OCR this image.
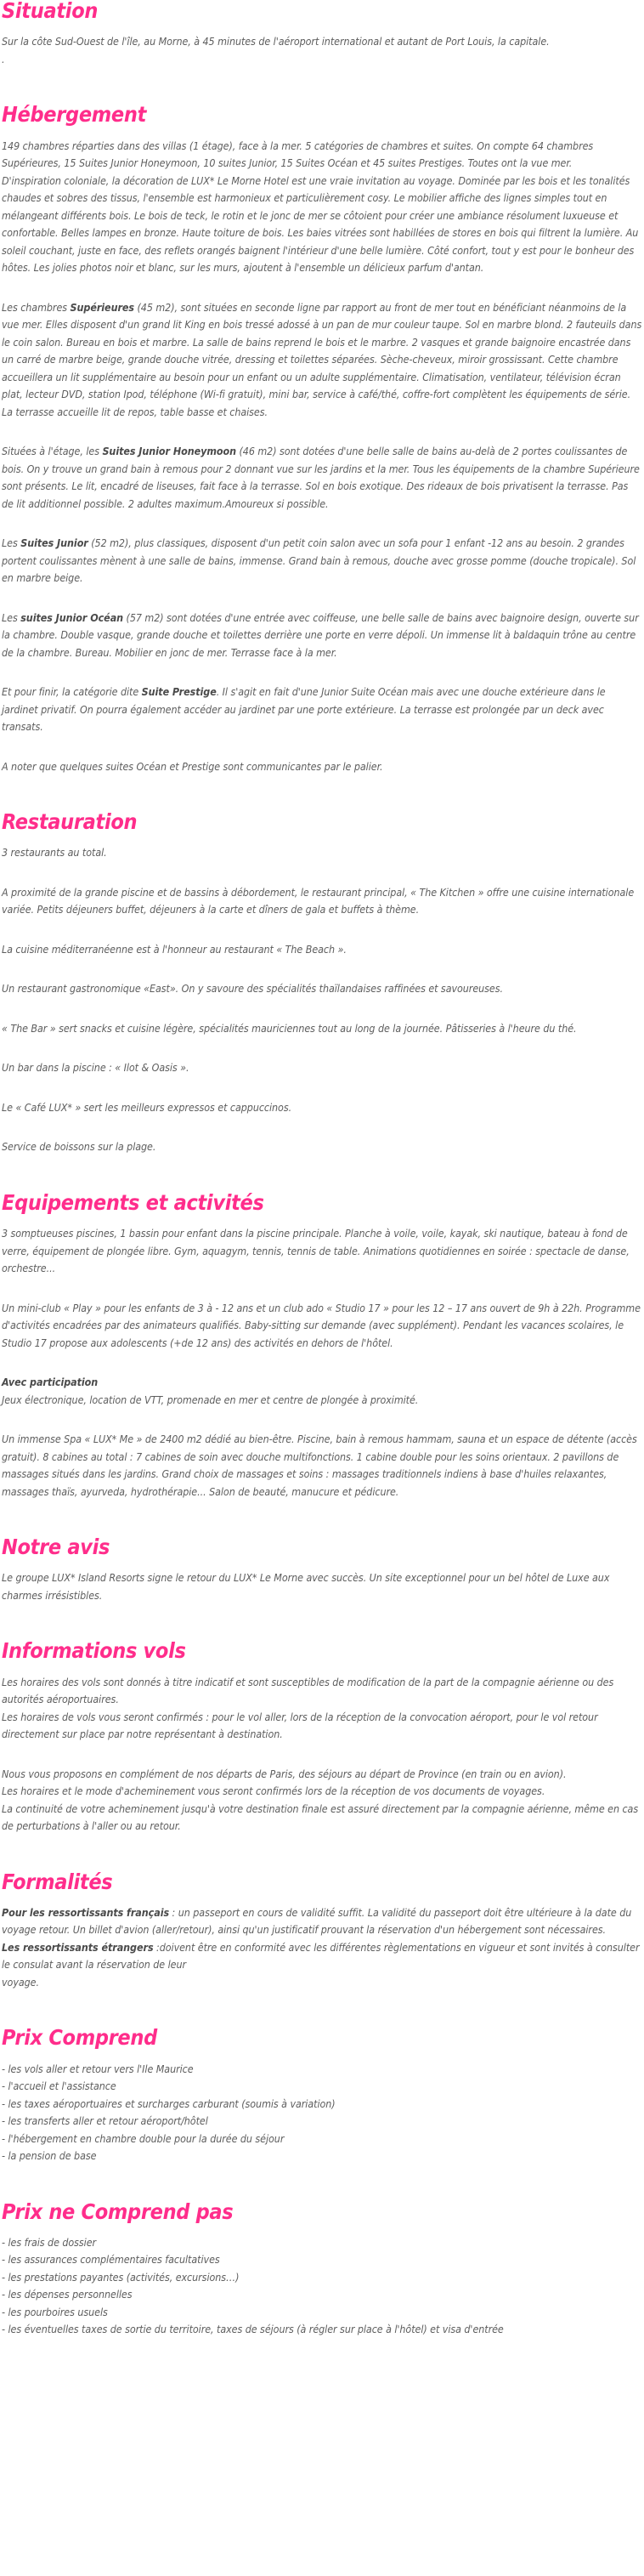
Situation

Sur la côte Sud-Ouest de l'île, au Morne, à 45 minutes de l'aéroport international et autant de Port Louis, la capitale.

.

Hébergement

149 chambres réparties dans des villas (1 étage), face à la mer. 5 catégories de chambres et suites. On compte 64 chambres Supérieures, 15 Suites Junior Honeymoon, 10 suites Junior, 15 Suites Océan et 45 suites Prestiges. Toutes ont la vue mer.

D'inspiration coloniale, la décoration de LUX* Le Morne Hotel est une vraie invitation au voyage. Dominée par les bois et les tonalités chaudes et sobres des tissus, l'ensemble est harmonieux et particulièrement cosy. Le mobilier affiche des lignes simples tout en mélangeant différents bois. Le bois de teck, le rotin et le jonc de mer se côtoient pour créer une ambiance résolument luxueuse et confortable. Belles lampes en bronze. Haute toiture de bois. Les baies vitrées sont habillées de stores en bois qui filtrent la lumière. Au soleil couchant, juste en face, des reflets orangés baignent l'intérieur d'une belle lumière. Côté confort, tout y est pour le bonheur des hôtes. Les jolies photos noir et blanc, sur les murs, ajoutent à l'ensemble un délicieux parfum d'antan.

Les chambres Supérieures (45 m2), sont situées en seconde ligne par rapport au front de mer tout en bénéficiant néanmoins de la vue mer. Elles disposent d'un grand lit King en bois tressé adossé à un pan de mur couleur taupe. Sol en marbre blond. 2 fauteuils dans le coin salon. Bureau en bois et marbre. La salle de bains reprend le bois et le marbre. 2 vasques et grande baignoire encastrée dans un carré de marbre beige, grande douche vitrée, dressing et toilettes séparées. Sèche-cheveux, miroir grossissant. Cette chambre accueillera un lit supplémentaire au besoin pour un enfant ou un adulte supplémentaire. Climatisation, ventilateur, télévision écran plat, lecteur DVD, station Ipod, téléphone (Wi-fi gratuit), mini bar, service à café/thé, coffre-fort complètent les équipements de série. La terrasse accueille lit de repos, table basse et chaises.

Situées à l'étage, les Suites Junior Honeymoon (46 m2) sont dotées d'une belle salle de bains au-delà de 2 portes coulissantes de bois. On y trouve un grand bain à remous pour 2 donnant vue sur les jardins et la mer. Tous les équipements de la chambre Supérieure sont présents. Le lit, encadré de liseuses, fait face à la terrasse. Sol en bois exotique. Des rideaux de bois privatisent la terrasse. Pas de lit additionnel possible. 2 adultes maximum.Amoureux si possible.

Les Suites Junior (52 m2), plus classiques, disposent d'un petit coin salon avec un sofa pour 1 enfant -12 ans au besoin. 2 grandes portent coulissantes mènent à une salle de bains, immense. Grand bain à remous, douche avec grosse pomme (douche tropicale). Sol en marbre beige.

Les suites Junior Océan (57 m2) sont dotées d'une entrée avec coiffeuse, une belle salle de bains avec baignoire design, ouverte sur la chambre. Double vasque, grande douche et toilettes derrière une porte en verre dépoli. Un immense lit à baldaquin trône au centre de la chambre. Bureau. Mobilier en jonc de mer. Terrasse face à la mer.

Et pour finir, la catégorie dite Suite Prestige. Il s'agit en fait d'une Junior Suite Océan mais avec une douche extérieure dans le jardinet privatif. On pourra également accéder au jardinet par une porte extérieure. La terrasse est prolongée par un deck avec transats.

A noter que quelques suites Océan et Prestige sont communicantes par le palier.

Restauration

3 restaurants au total.

A proximité de la grande piscine et de bassins à débordement, le restaurant principal, « The Kitchen » offre une cuisine internationale variée. Petits déjeuners buffet, déjeuners à la carte et dîners de gala et buffets à thème.

La cuisine méditerranéenne est à l'honneur au restaurant « The Beach ».

Un restaurant gastronomique «East». On y savoure des spécialités thaïlandaises raffinées et savoureuses.

« The Bar » sert snacks et cuisine légère, spécialités mauriciennes tout au long de la journée. Pâtisseries à l'heure du thé.

Un bar dans la piscine : « Ilot & Oasis ».

Le « Café LUX* » sert les meilleurs expressos et cappuccinos.

Service de boissons sur la plage.

Equipements et activités

3 somptueuses piscines, 1 bassin pour enfant dans la piscine principale. Planche à voile, voile, kayak, ski nautique, bateau à fond de verre, équipement de plongée libre. Gym, aquagym, tennis, tennis de table. Animations quotidiennes en soirée : spectacle de danse, orchestre...

Un mini-club « Play » pour les enfants de 3 à - 12 ans et un club ado « Studio 17 » pour les 12 – 17 ans ouvert de 9h à 22h. Programme d'activités encadrées par des animateurs qualifiés. Baby-sitting sur demande (avec supplément). Pendant les vacances scolaires, le Studio 17 propose aux adolescents (+de 12 ans) des activités en dehors de l'hôtel.

Avec participation

Jeux électronique, location de VTT, promenade en mer et centre de plongée à proximité.

Un immense Spa « LUX* Me » de 2400 m2 dédié au bien-être. Piscine, bain à remous hammam, sauna et un espace de détente (accès gratuit). 8 cabines au total : 7 cabines de soin avec douche multifonctions. 1 cabine double pour les soins orientaux. 2 pavillons de massages situés dans les jardins. Grand choix de massages et soins : massages traditionnels indiens à base d'huiles relaxantes, massages thaïs, ayurveda, hydrothérapie... Salon de beauté, manucure et pédicure.

Notre avis

Le groupe LUX* Island Resorts signe le retour du LUX* Le Morne avec succès. Un site exceptionnel pour un bel hôtel de Luxe aux charmes irrésistibles.

Informations vols

Les horaires des vols sont donnés à titre indicatif et sont susceptibles de modification de la part de la compagnie aérienne ou des autorités aéroportuaires.

Les horaires de vols vous seront confirmés : pour le vol aller, lors de la réception de la convocation aéroport, pour le vol retour directement sur place par notre représentant à destination.

Nous vous proposons en complément de nos départs de Paris, des séjours au départ de Province (en train ou en avion).

Les horaires et le mode d'acheminement vous seront confirmés lors de la réception de vos documents de voyages.

La continuité de votre acheminement jusqu'à votre destination finale est assuré directement par la compagnie aérienne, même en cas de perturbations à l'aller ou au retour.

Formalités

Pour les ressortissants français : un passeport en cours de validité suffit. La validité du passeport doit être ultérieure à la date du voyage retour. Un billet d'avion (aller/retour), ainsi qu'un justificatif prouvant la réservation d'un hébergement sont nécessaires.

Les ressortissants étrangers :doivent être en conformité avec les différentes règlementations en vigueur et sont invités à consulter le consulat avant la réservation de leur

voyage.

Prix Comprend
- les vols aller et retour vers l'Ile Maurice
- l'accueil et l'assistance
- les taxes aéroportuaires et surcharges carburant (soumis à variation)
- les transferts aller et retour aéroport/hôtel
- l'hébergement en chambre double pour la durée du séjour
- la pension de base
Prix ne Comprend pas
- les frais de dossier
- les assurances complémentaires facultatives
- les prestations payantes (activités, excursions…)
- les dépenses personnelles
- les pourboires usuels
- les éventuelles taxes de sortie du territoire, taxes de séjours (à régler sur place à l'hôtel) et visa d'entrée
